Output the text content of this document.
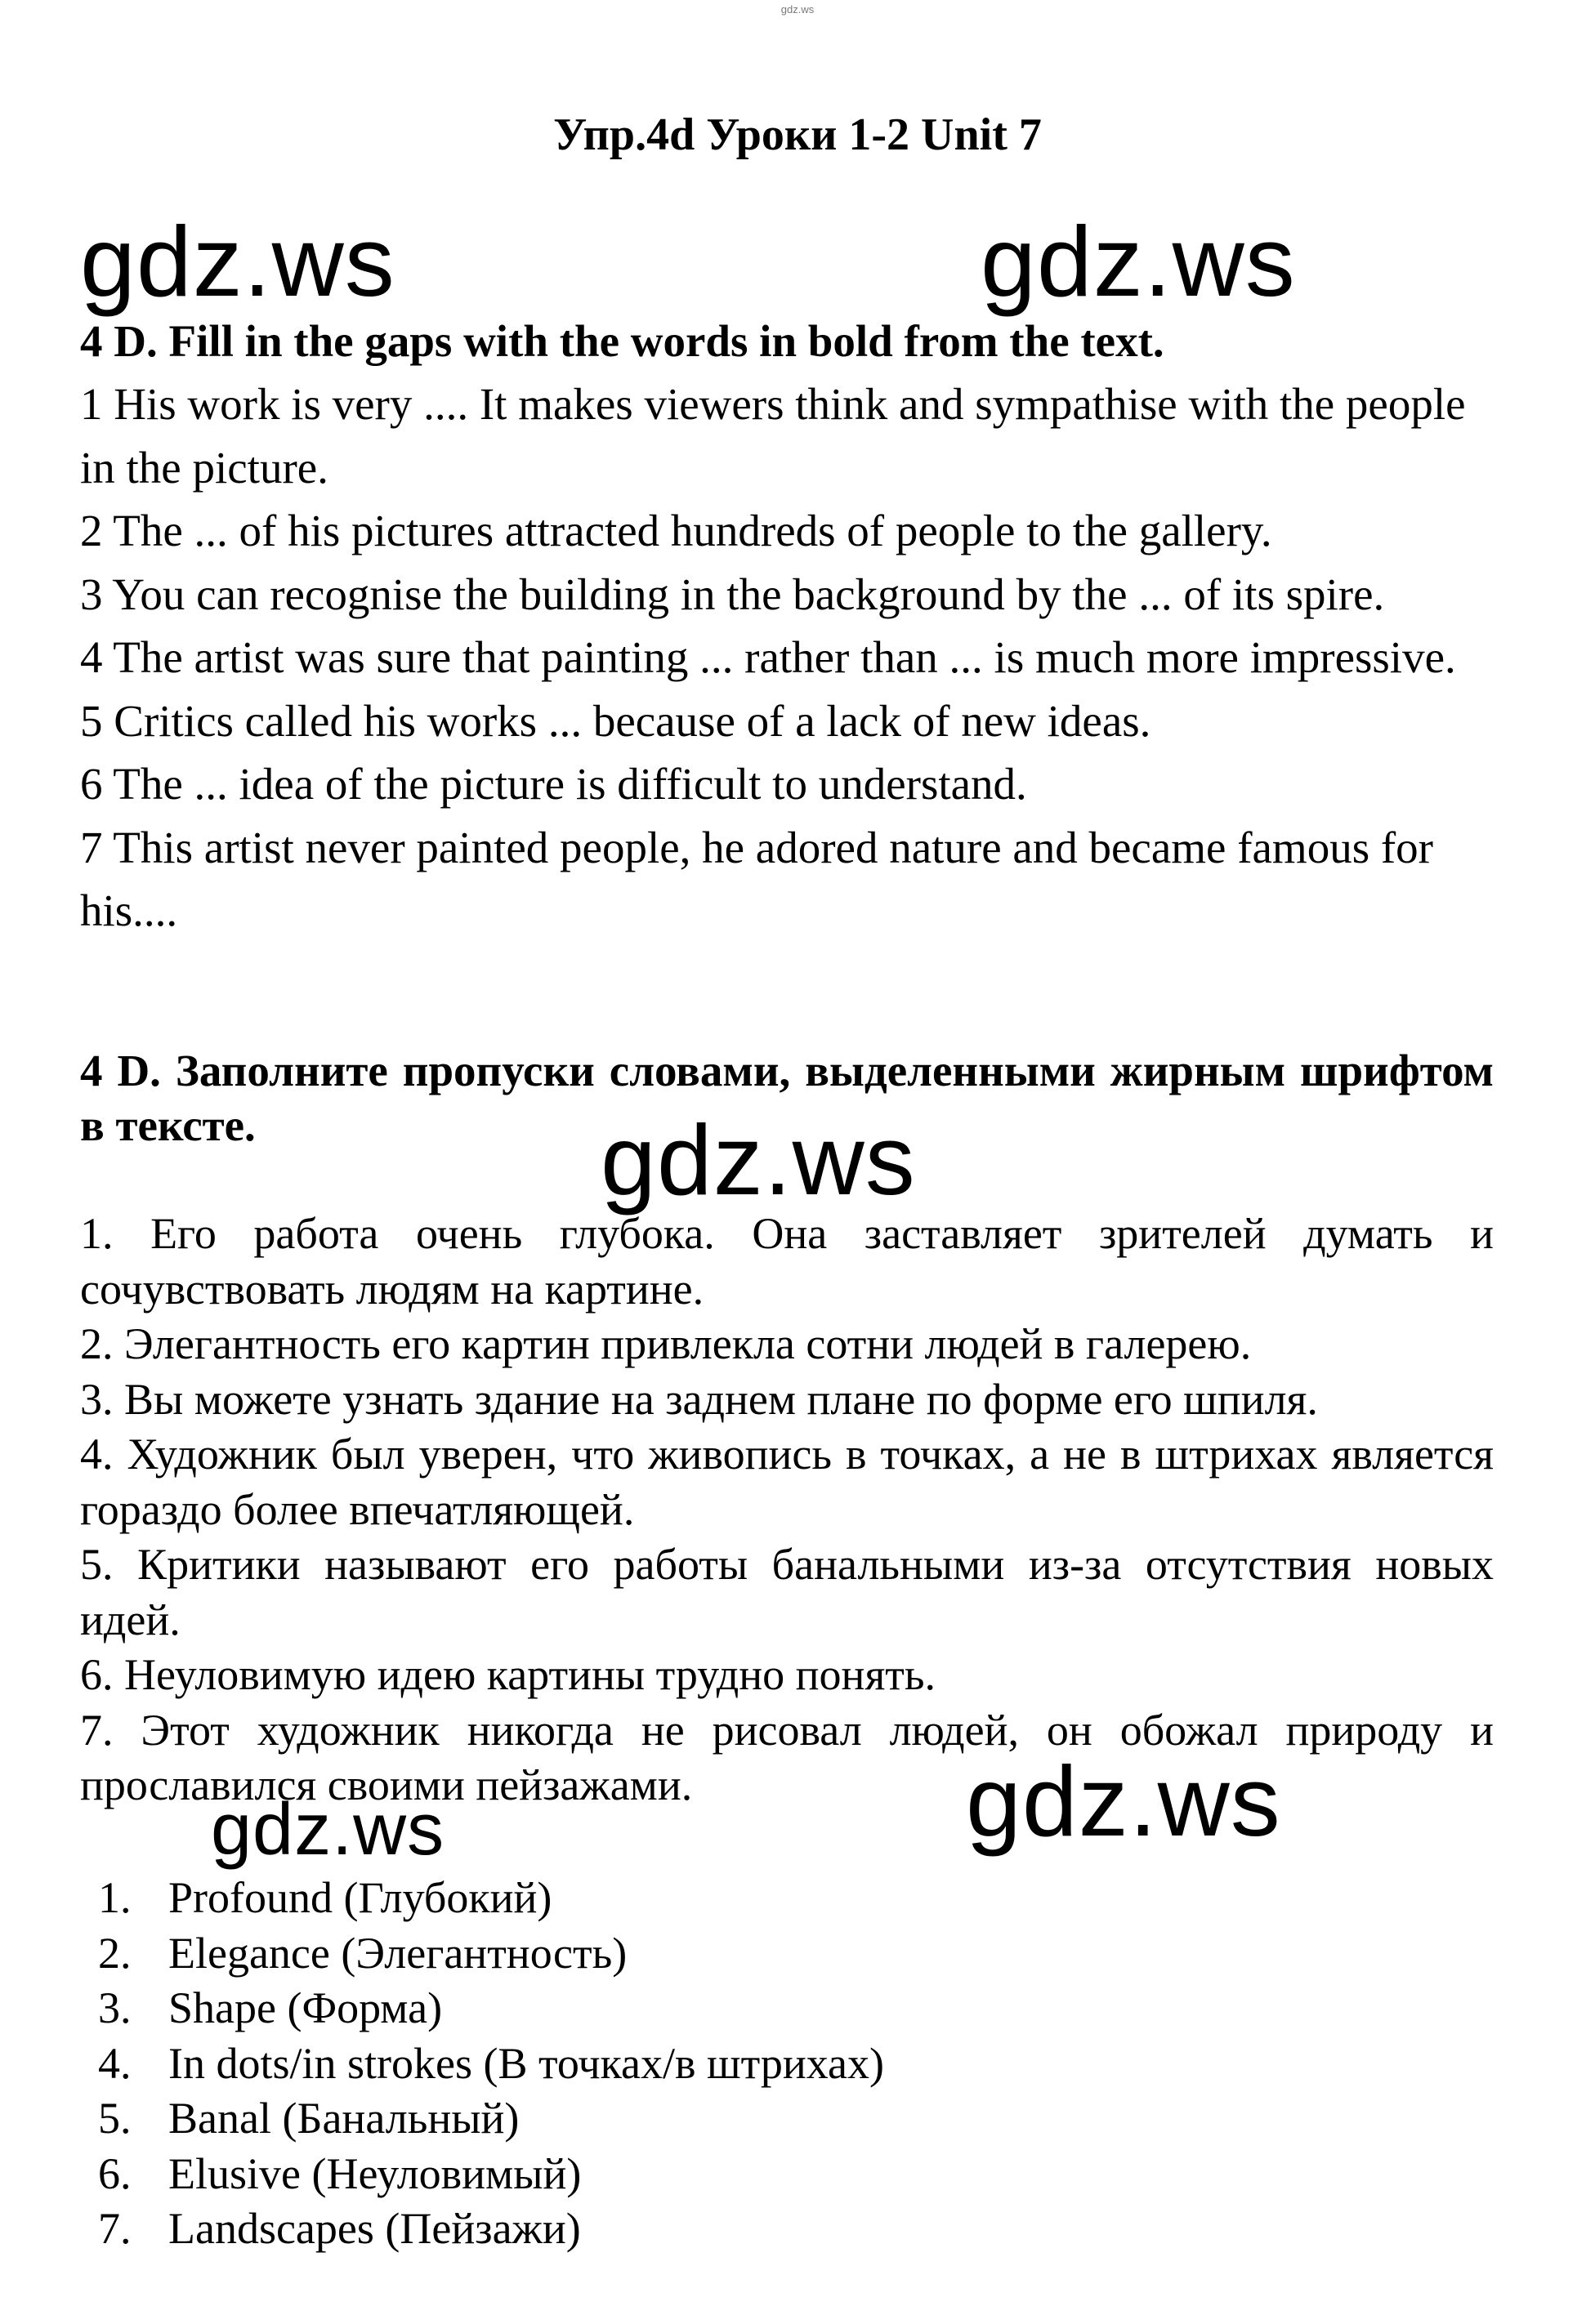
gdz.ws
Упр.4d Уроки 1-2 Unit 7
gdz.ws	gdz.ws
4 D. Fill in the gaps with the words in bold from the text.
1 His work is very .... It makes viewers think and sympathise with the people in the picture.
2 The ... of his pictures attracted hundreds of people to the gallery.
3 You can recognise the building in the background by the ... of its spire.
4 The artist was sure that painting ... rather than ... is much more impressive.
5 Critics called his works ... because of a lack of new ideas.
6 The ... idea of the picture is difficult to understand.
7 This artist never painted people, he adored nature and became famous for his....
4 D. Заполните пропуски словами, выделенными жирным шрифтом в тексте.
1. Его работа очень глубока. Она заставляет зрителей думать и сочувствовать людям на картине.
2. Элегантность его картин привлекла сотни людей в галерею.
3. Вы можете узнать здание на заднем плане по форме его шпиля.
4. Художник был уверен, что живопись в точках, а не в штрихах является гораздо более впечатляющей.
5. Критики называют его работы банальными из-за отсутствия новых идей.
6. Неуловимую идею картины трудно понять.
7. Этот художник никогда не рисовал людей, он обожал природу и прославился своими пейзажами.
gdz.ws
gdz.ws
gdz.ws
1. Profound (Глубокий)
2. Elegance (Элегантность)
3. Shape (Форма)
4. In dots/in strokes (В точках/в штрихах)
5. Banal (Банальный)
6. Elusive (Неуловимый)
7. Landscapes (Пейзажи)
